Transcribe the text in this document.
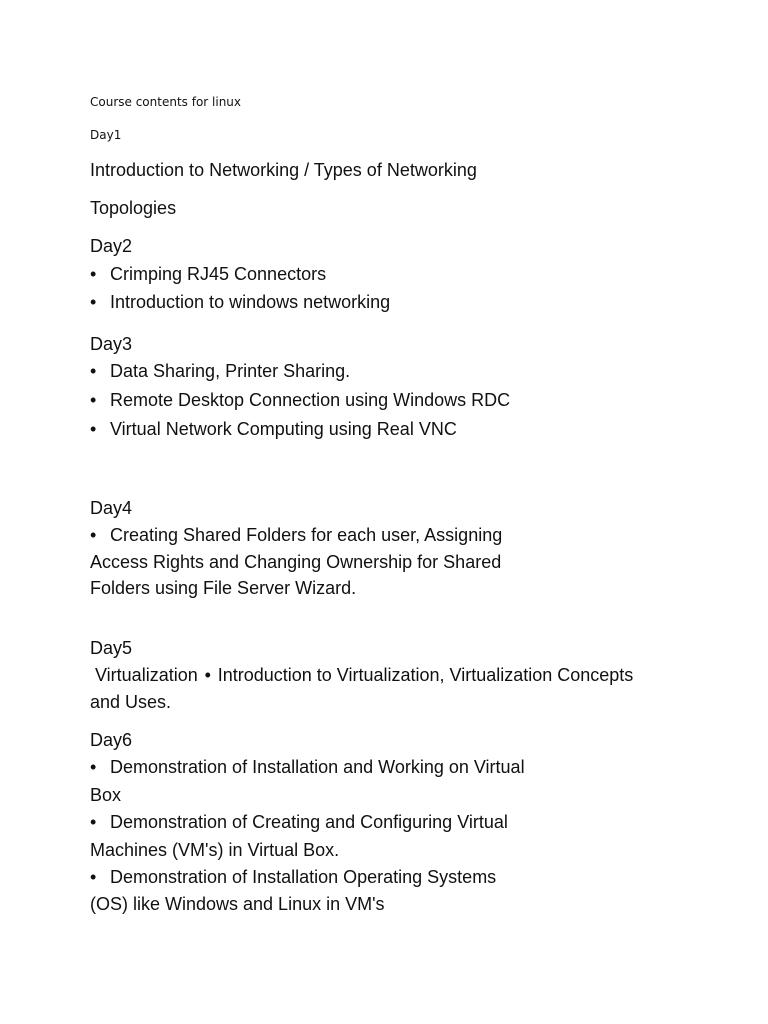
Course contents for linux
Day1
Introduction to Networking / Types of Networking
Topologies
Day2
• Crimping RJ45 Connectors
• Introduction to windows networking
Day3
• Data Sharing, Printer Sharing.
• Remote Desktop Connection using Windows RDC
• Virtual Network Computing using Real VNC
Day4
• Creating Shared Folders for each user, Assigning
Access Rights and Changing Ownership for Shared
Folders using File Server Wizard.
Day5
Virtualization • Introduction to Virtualization, Virtualization Concepts
and Uses.
Day6
• Demonstration of Installation and Working on Virtual
Box
• Demonstration of Creating and Configuring Virtual
Machines (VM's) in Virtual Box.
• Demonstration of Installation Operating Systems
(OS) like Windows and Linux in VM's
